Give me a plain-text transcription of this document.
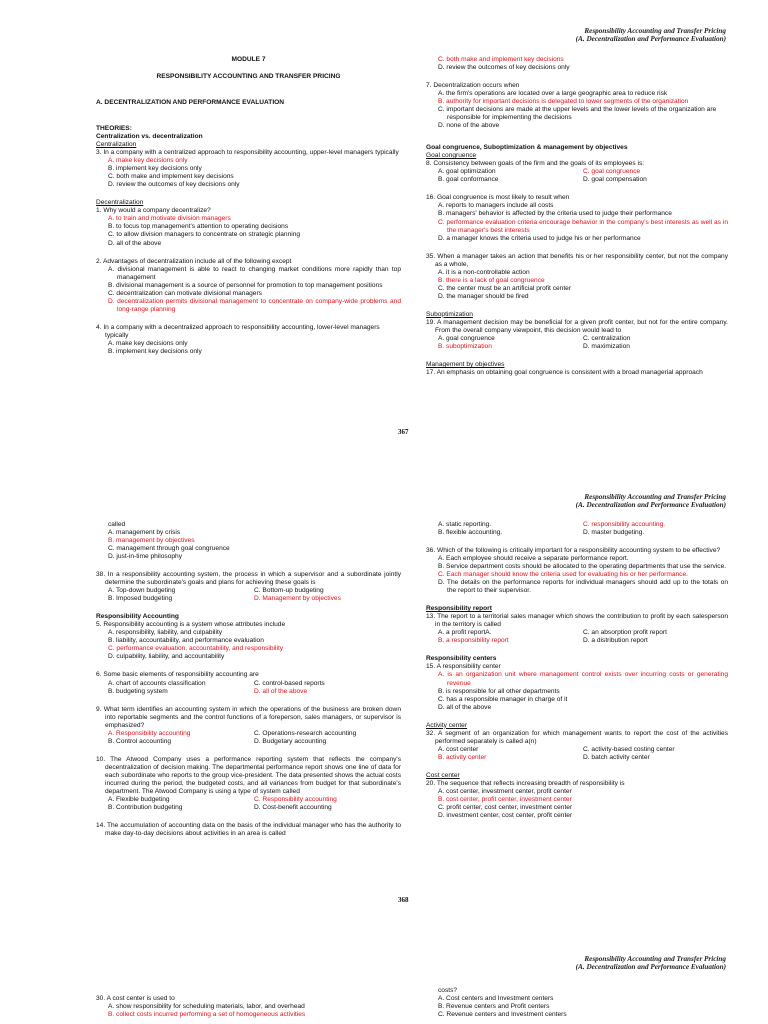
Responsibility Accounting and Transfer Pricing
(A. Decentralization and Performance Evaluation)
MODULE 7
RESPONSIBILITY ACCOUNTING AND TRANSFER PRICING
A. DECENTRALIZATION AND PERFORMANCE EVALUATION
THEORIES:
Centralization vs. decentralization
Centralization
3. In a company with a centralized approach to responsibility accounting, upper-level managers typically
A. make key decisions only
B. implement key decisions only
C. both make and implement key decisions
D. review the outcomes of key decisions only
Decentralization
1. Why would a company decentralize?
A. to train and motivate division managers
B. to focus top management's attention to operating decisions
C. to allow division managers to concentrate on strategic planning
D. all of the above
2. Advantages of decentralization include all of the following except
A. divisional management is able to react to changing market conditions more rapidly than top management
B. divisional management is a source of personnel for promotion to top management positions
C. decentralization can motivate divisional managers
D. decentralization permits divisional management to concentrate on company-wide problems and long-range planning
4. In a company with a decentralized approach to responsibility accounting, lower-level managers typically
A. make key decisions only
B. implement key decisions only
C. both make and implement key decisions
D. review the outcomes of key decisions only
7. Decentralization occurs when
A. the firm's operations are located over a large geographic area to reduce risk
B. authority for important decisions is delegated to lower segments of the organization
C. important decisions are made at the upper levels and the lower levels of the organization are responsible for implementing the decisions
D. none of the above
Goal congruence, Suboptimization & management by objectives
Goal congruence
8. Consistency between goals of the firm and the goals of its employees is:
A. goal optimization	C. goal congruence
B. goal conformance	D. goal compensation
16. Goal congruence is most likely to result when
A. reports to managers include all costs
B. managers' behavior is affected by the criteria used to judge their performance
C. performance evaluation criteria encourage behavior in the company's best interests as well as in the manager's best interests
D. a manager knows the criteria used to judge his or her performance
35. When a manager takes an action that benefits his or her responsibility center, but not the company as a whole,
A. it is a non-controllable action
B. there is a lack of goal congruence
C. the center must be an artificial profit center
D. the manager should be fired
Suboptimization
19. A management decision may be beneficial for a given profit center, but not for the entire company. From the overall company viewpoint, this decision would lead to
A. goal congruence	C. centralization
B. suboptimization	D. maximization
Management by objectives
17. An emphasis on obtaining goal congruence is consistent with a broad managerial approach
367
Responsibility Accounting and Transfer Pricing
(A. Decentralization and Performance Evaluation)
called
A. management by crisis
B. management by objectives
C. management through goal congruence
D. just-in-time philosophy
38. In a responsibility accounting system, the process in which a supervisor and a subordinate jointly determine the subordinate's goals and plans for achieving these goals is
A. Top-down budgeting	C. Bottom-up budgeting
B. Imposed budgeting	D. Management by objectives
Responsibility Accounting
5. Responsibility accounting is a system whose attributes include
A. responsibility, liability, and culpability
B. liability, accountability, and performance evaluation
C. performance evaluation, accountability, and responsibility
D. culpability, liability, and accountability
6. Some basic elements of responsibility accounting are
A. chart of accounts classification	C. control-based reports
B. budgeting system	D. all of the above
9. What term identifies an accounting system in which the operations of the business are broken down into reportable segments and the control functions of a foreperson, sales managers, or supervisor is emphasized?
A. Responsibility accounting	C. Operations-research accounting
B. Control accounting	D. Budgetary accounting
10. The Atwood Company uses a performance reporting system that reflects the company's decentralization of decision making. The departmental performance report shows one line of data for each subordinate who reports to the group vice-president. The data presented shows the actual costs incurred during the period, the budgeted costs, and all variances from budget for that subordinate's department. The Atwood Company is using a type of system called
A. Flexible budgeting	C. Responsibility accounting
B. Contribution budgeting	D. Cost-benefit accounting
14. The accumulation of accounting data on the basis of the individual manager who has the authority to make day-to-day decisions about activities in an area is called
A. static reporting.	C. responsibility accounting.
B. flexible accounting.	D. master budgeting.
36. Which of the following is critically important for a responsibility accounting system to be effective?
A. Each employee should receive a separate performance report.
B. Service department costs should be allocated to the operating departments that use the service.
C. Each manager should know the criteria used for evaluating his or her performance.
D. The details on the performance reports for individual managers should add up to the totals on the report to their supervisor.
Responsibility report
13. The report to a territorial sales manager which shows the contribution to profit by each salesperson in the territory is called
A. a profit reportA.	C. an absorption profit report
B. a responsibility report	D. a distribution report
Responsibility centers
15. A responsibility center
A. is an organization unit where management control exists over incurring costs or generating revenue
B. is responsible for all other departments
C. has a responsible manager in charge of it
D. all of the above
Activity center
32. A segment of an organization for which management wants to report the cost of the activities performed separately is called a(n)
A. cost center	C. activity-based costing center
B. activity center	D. batch activity center
Cost center
20. The sequence that reflects increasing breadth of responsibility is
A. cost center, investment center, profit center
B. cost center, profit center, investment center
C. profit center, cost center, investment center
D. investment center, cost center, profit center
368
Responsibility Accounting and Transfer Pricing
(A. Decentralization and Performance Evaluation)
30. A cost center is used to
A. show responsibility for scheduling materials, labor, and overhead
B. collect costs incurred performing a set of homogeneous activities
costs?
A. Cost centers and Investment centers
B. Revenue centers and Profit centers
C. Revenue centers and Investment centers
